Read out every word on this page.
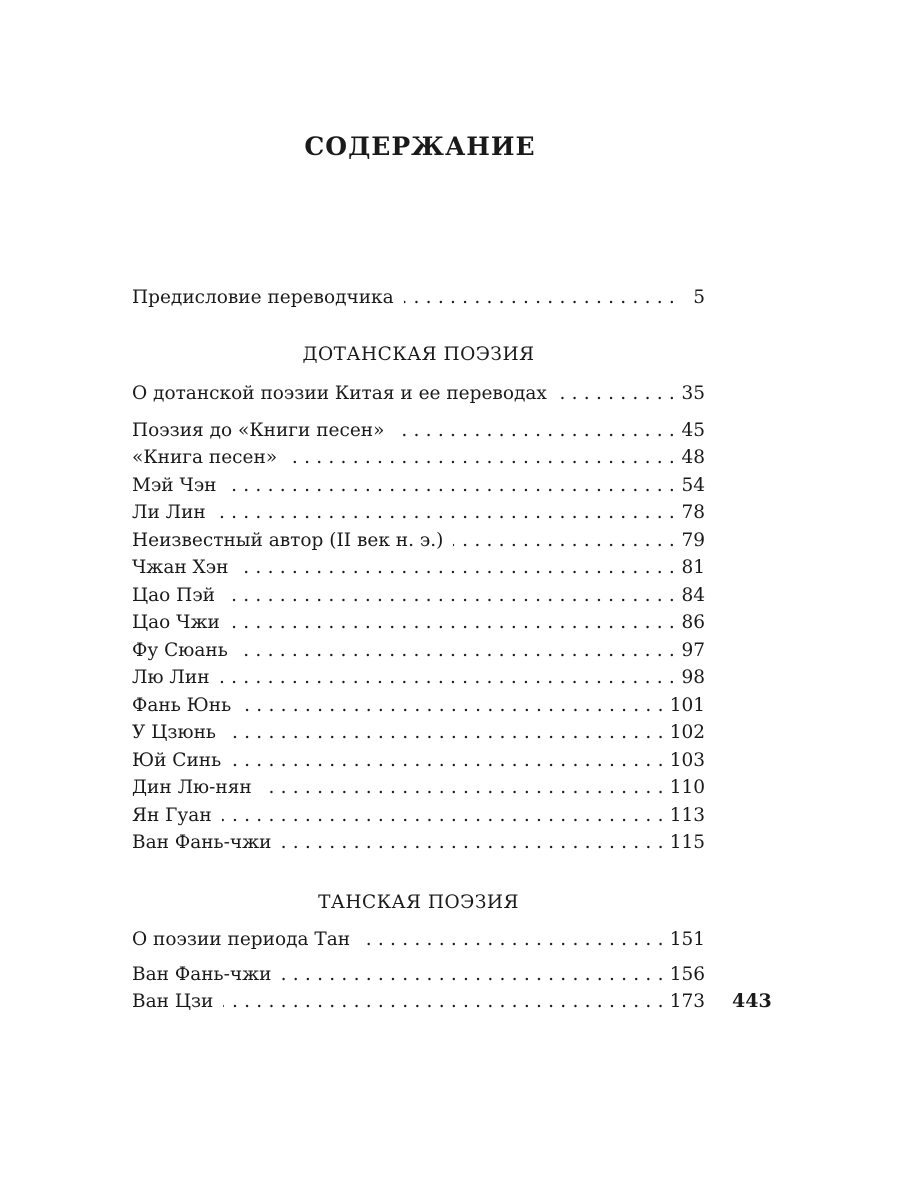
СОДЕРЖАНИЕ
Предисловие переводчика . . .	5
ДОТАНСКАЯ ПОЭЗИЯ
О дотанской поэзии Китая и ее переводах . . .	35
Поэзия до «Книги песен» . . .	45
«Книга песен» . . .	48
Мэй Чэн . . .	54
Ли Лин . . .	78
Неизвестный автор (II век н. э.) . . .	79
Чжан Хэн . . .	81
Цао Пэй . . .	84
Цао Чжи . . .	86
Фу Сюань . . .	97
Лю Лин . . .	98
Фань Юнь . . .	101
У Цзюнь . . .	102
Юй Синь . . .	103
Дин Лю-нян . . .	110
Ян Гуан . . .	113
Ван Фань-чжи . . .	115
ТАНСКАЯ ПОЭЗИЯ
О поэзии периода Тан . . .	151
Ван Фань-чжи . . .	156
Ван Цзи . . .	173 443
